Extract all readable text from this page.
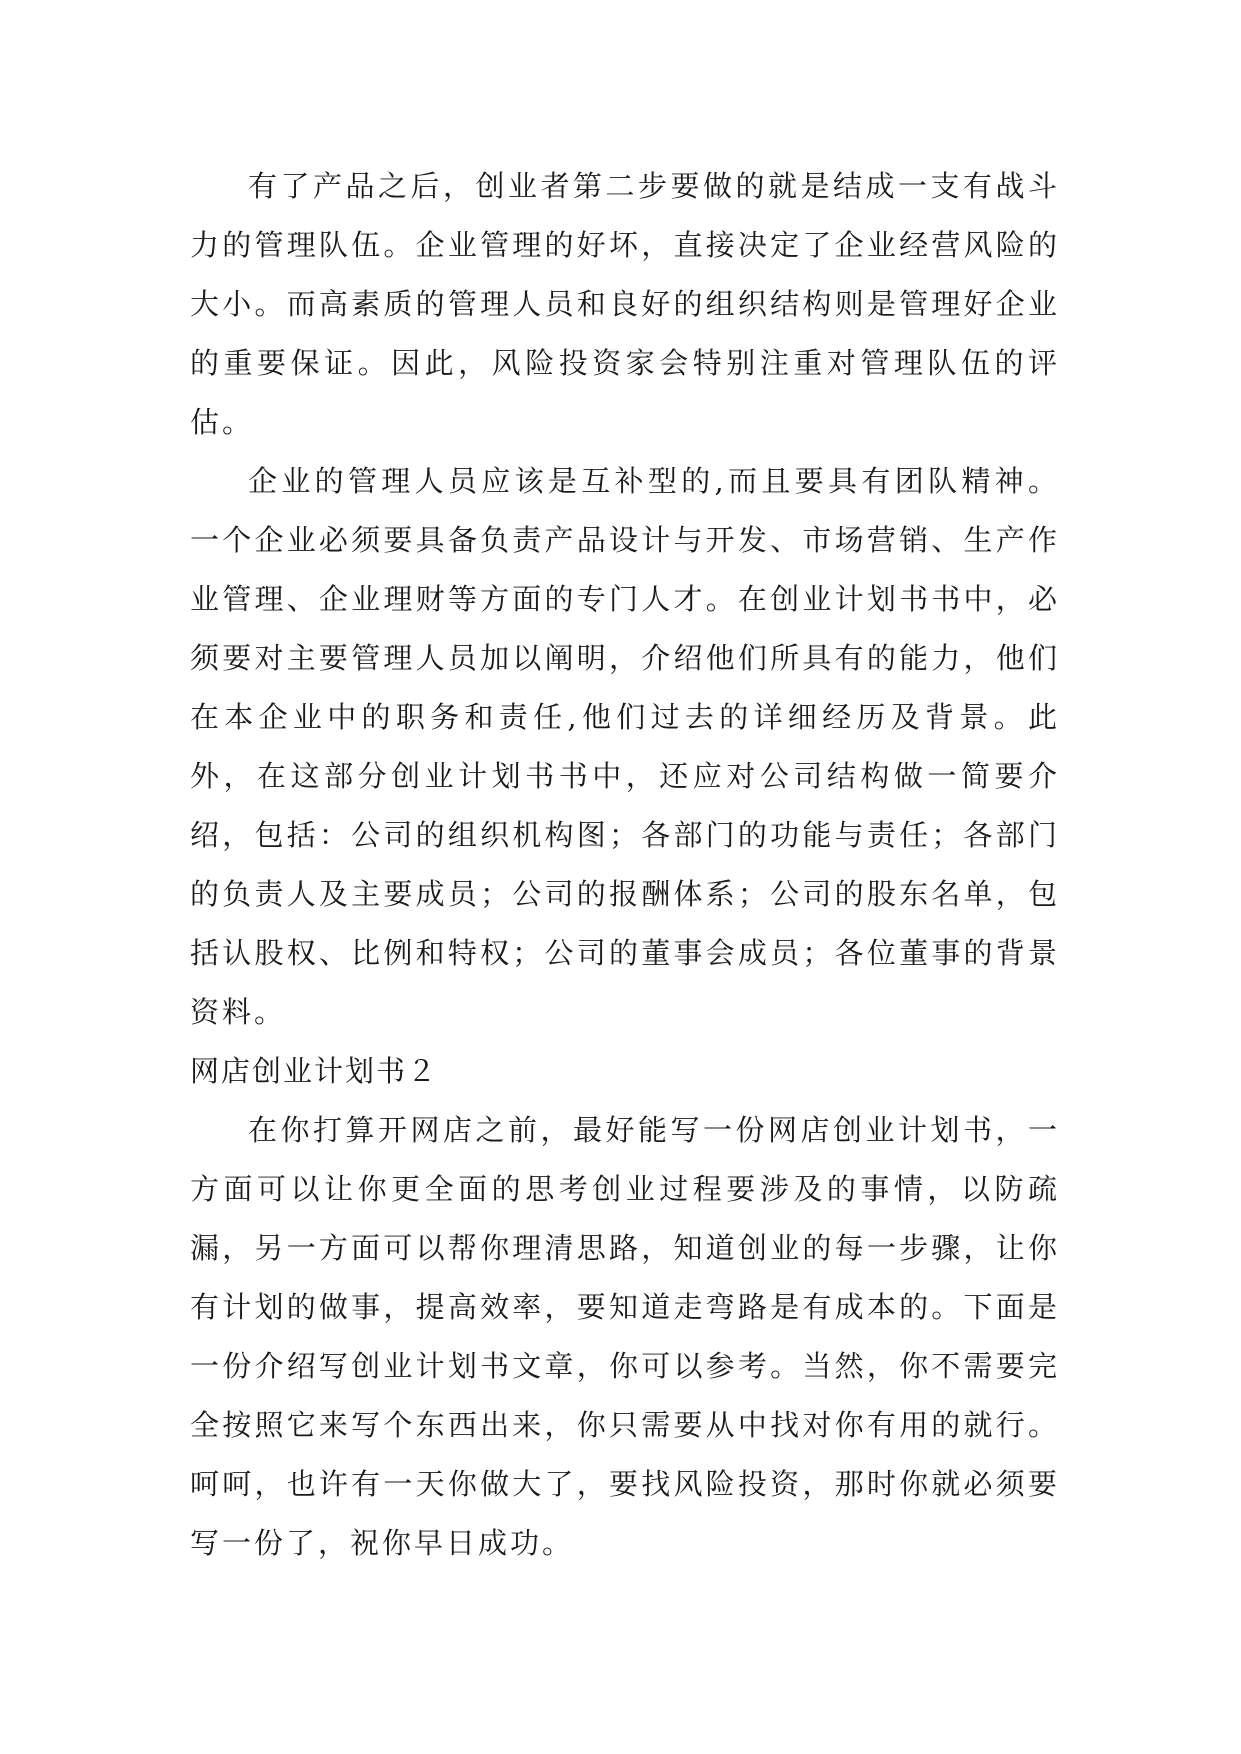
有了产品之后，创业者第二步要做的就是结成一支有战斗力的管理队伍。企业管理的好坏，直接决定了企业经营风险的大小。而高素质的管理人员和良好的组织结构则是管理好企业的重要保证。因此，风险投资家会特别注重对管理队伍的评估。

企业的管理人员应该是互补型的,而且要具有团队精神。一个企业必须要具备负责产品设计与开发、市场营销、生产作业管理、企业理财等方面的专门人才。在创业计划书书中，必须要对主要管理人员加以阐明，介绍他们所具有的能力，他们在本企业中的职务和责任,他们过去的详细经历及背景。此外，在这部分创业计划书书中，还应对公司结构做一简要介绍，包括：公司的组织机构图；各部门的功能与责任；各部门的负责人及主要成员；公司的报酬体系；公司的股东名单，包括认股权、比例和特权；公司的董事会成员；各位董事的背景资料。

网店创业计划书２

在你打算开网店之前，最好能写一份网店创业计划书，一方面可以让你更全面的思考创业过程要涉及的事情，以防疏漏，另一方面可以帮你理清思路，知道创业的每一步骤，让你有计划的做事，提高效率，要知道走弯路是有成本的。下面是一份介绍写创业计划书文章，你可以参考。当然，你不需要完全按照它来写个东西出来，你只需要从中找对你有用的就行。呵呵，也许有一天你做大了，要找风险投资，那时你就必须要写一份了，祝你早日成功。
